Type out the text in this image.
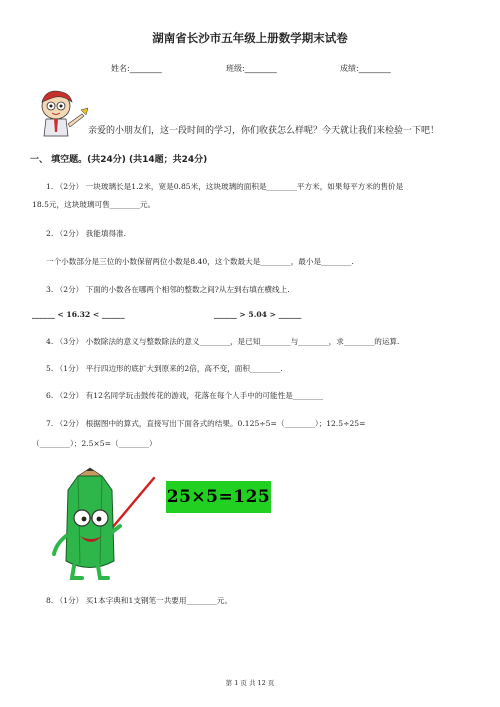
湖南省长沙市五年级上册数学期末试卷
姓名:________	班级:________	成绩:________
亲爱的小朋友们，这一段时间的学习，你们收获怎么样呢？今天就让我们来检验一下吧！
一、 填空题。(共24分) (共14题；共24分)
1. （2分） 一块玻璃长是1.2米，宽是0.85米，这块玻璃的面积是________平方米，如果每平方米的售价是
18.5元，这块玻璃可售________元。
2. （2分） 我能填得准.
一个小数部分是三位的小数保留两位小数是8.40，这个数最大是________，最小是________.
3. （2分） 下面的小数各在哪两个相邻的整数之间?从左到右填在横线上.
______ < 16.32 < ______	______ > 5.04 > ______
4. （3分） 小数除法的意义与整数除法的意义________，是已知________与________，求________的运算.
5. （1分） 平行四边形的底扩大到原来的2倍，高不变，面积________.
6. （2分） 有12名同学玩击鼓传花的游戏，花落在每个人手中的可能性是________
7. （2分） 根据图中的算式，直接写出下面各式的结果。0.125÷5=（________）；12.5÷25=
（________）；2.5×5=（________）
25×5=125
8. （1分） 买1本字典和1支钢笔一共要用________元。
第 1 页 共 12 页
